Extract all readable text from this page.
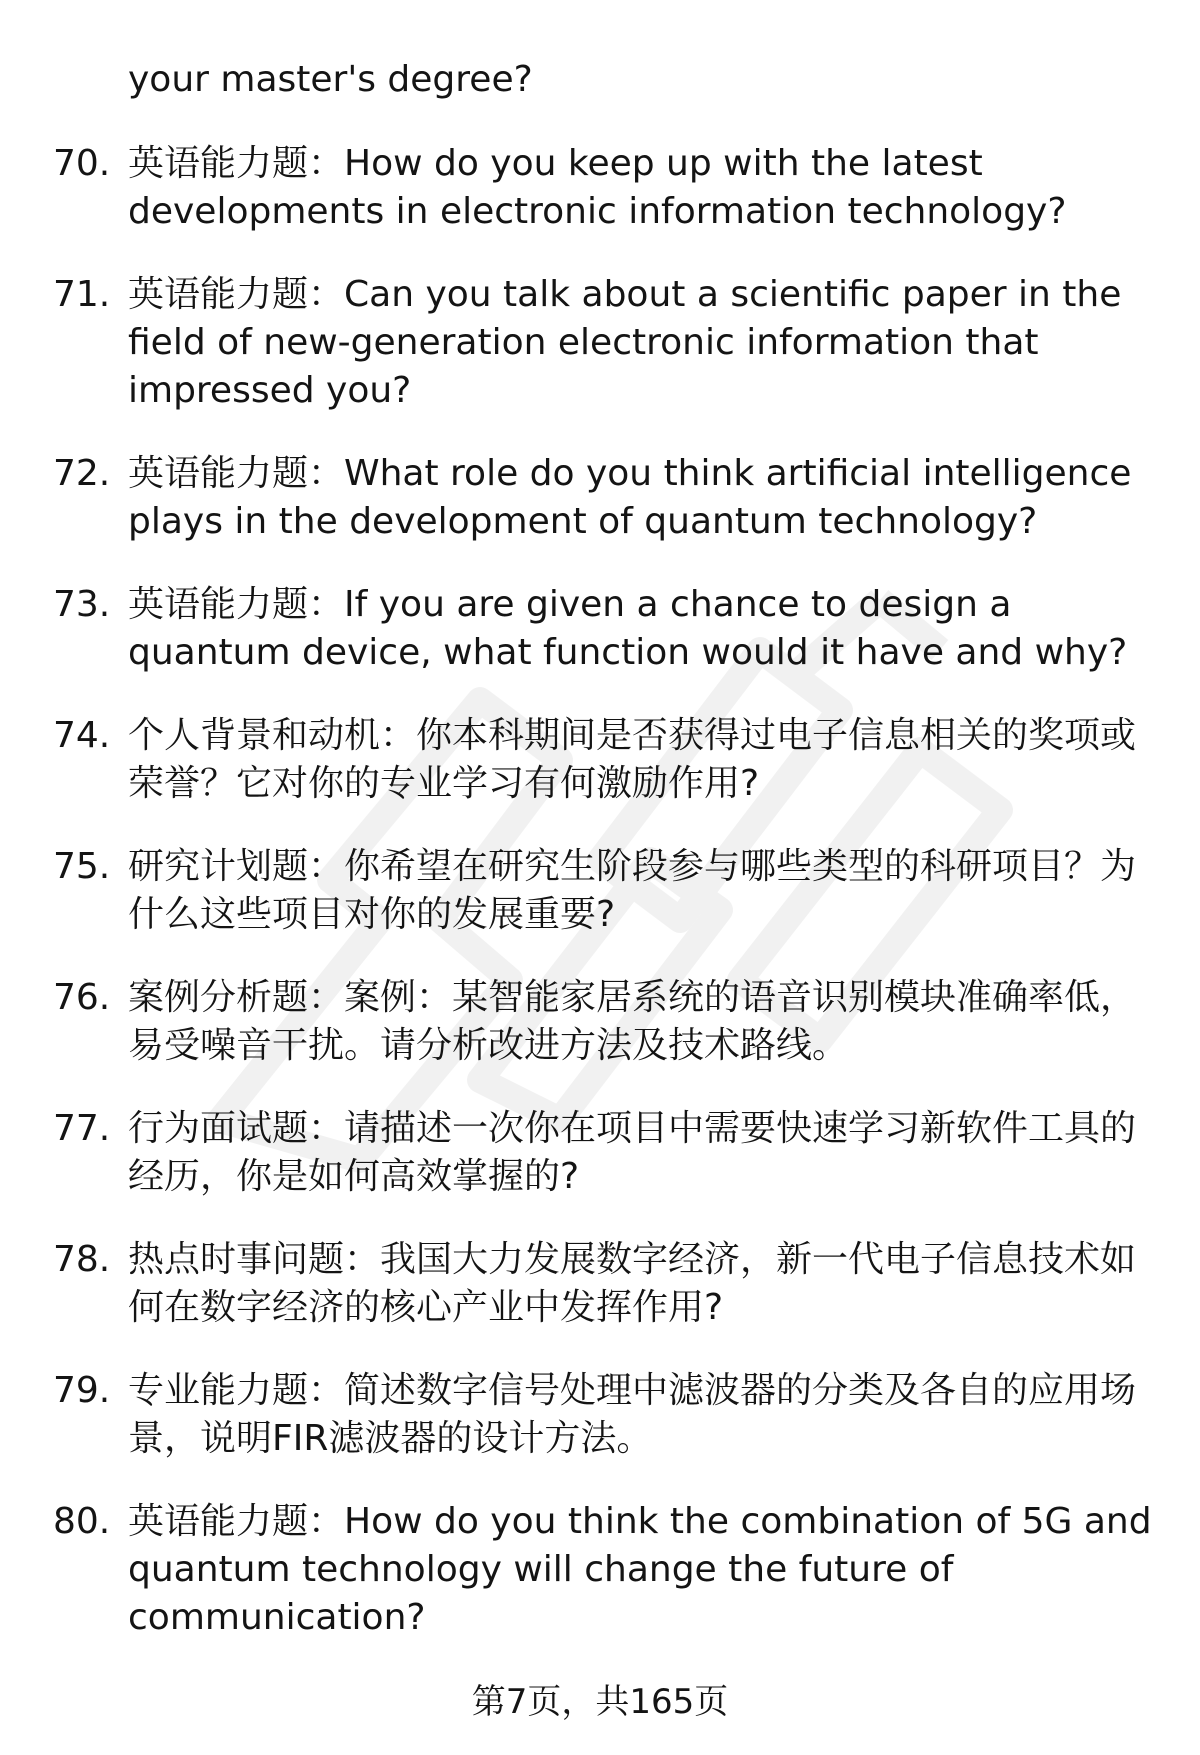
your master's degree?
70. 英语能力题：How do you keep up with the latest developments in electronic information technology?
71. 英语能力题：Can you talk about a scientific paper in the field of new-generation electronic information that impressed you?
72. 英语能力题：What role do you think artificial intelligence plays in the development of quantum technology?
73. 英语能力题：If you are given a chance to design a quantum device, what function would it have and why?
74. 个人背景和动机：你本科期间是否获得过电子信息相关的奖项或荣誉？它对你的专业学习有何激励作用?
75. 研究计划题：你希望在研究生阶段参与哪些类型的科研项目？为什么这些项目对你的发展重要?
76. 案例分析题：案例：某智能家居系统的语音识别模块准确率低，易受噪音干扰。请分析改进方法及技术路线。
77. 行为面试题：请描述一次你在项目中需要快速学习新软件工具的经历，你是如何高效掌握的?
78. 热点时事问题：我国大力发展数字经济，新一代电子信息技术如何在数字经济的核心产业中发挥作用?
79. 专业能力题：简述数字信号处理中滤波器的分类及各自的应用场景，说明FIR滤波器的设计方法。
80. 英语能力题：How do you think the combination of 5G and quantum technology will change the future of communication?
第7页，共165页
